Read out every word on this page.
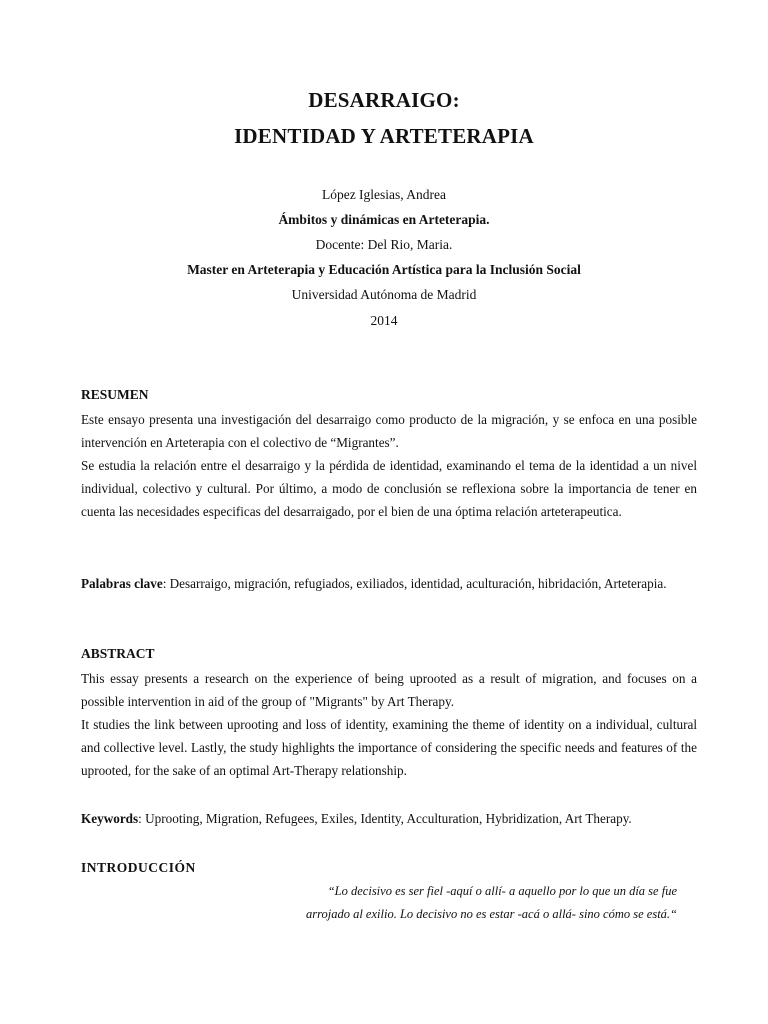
DESARRAIGO:
IDENTIDAD Y ARTETERAPIA
López Iglesias, Andrea
Ámbitos y dinámicas en Arteterapia.
Docente: Del Rio, Maria.
Master en Arteterapia y Educación Artística para la Inclusión Social
Universidad Autónoma de Madrid
2014
RESUMEN

Este ensayo presenta una investigación del desarraigo como producto de la migración, y se enfoca en una posible intervención en Arteterapia con el colectivo de “Migrantes”.

Se estudia la relación entre el desarraigo y la pérdida de identidad, examinando el tema de la identidad a un nivel individual, colectivo y cultural. Por último, a modo de conclusión se reflexiona sobre la importancia de tener en cuenta las necesidades especificas del desarraigado, por el bien de una óptima relación arteterapeutica.

Palabras clave: Desarraigo, migración, refugiados, exiliados, identidad, aculturación, hibridación, Arteterapia.

ABSTRACT

This essay presents a research on the experience of being uprooted as a result of migration, and focuses on a possible intervention in aid of the group of "Migrants" by Art Therapy.

It studies the link between uprooting and loss of identity, examining the theme of identity on a individual, cultural and collective level. Lastly, the study highlights the importance of considering the specific needs and features of the uprooted, for the sake of an optimal Art-Therapy relationship.

Keywords: Uprooting, Migration, Refugees, Exiles, Identity, Acculturation, Hybridization, Art Therapy.

INTRODUCCIÓN
“Lo decisivo es ser fiel -aquí o allí- a aquello por lo que un día se fue
arrojado al exilio. Lo decisivo no es estar -acá o allá- sino cómo se está.“
